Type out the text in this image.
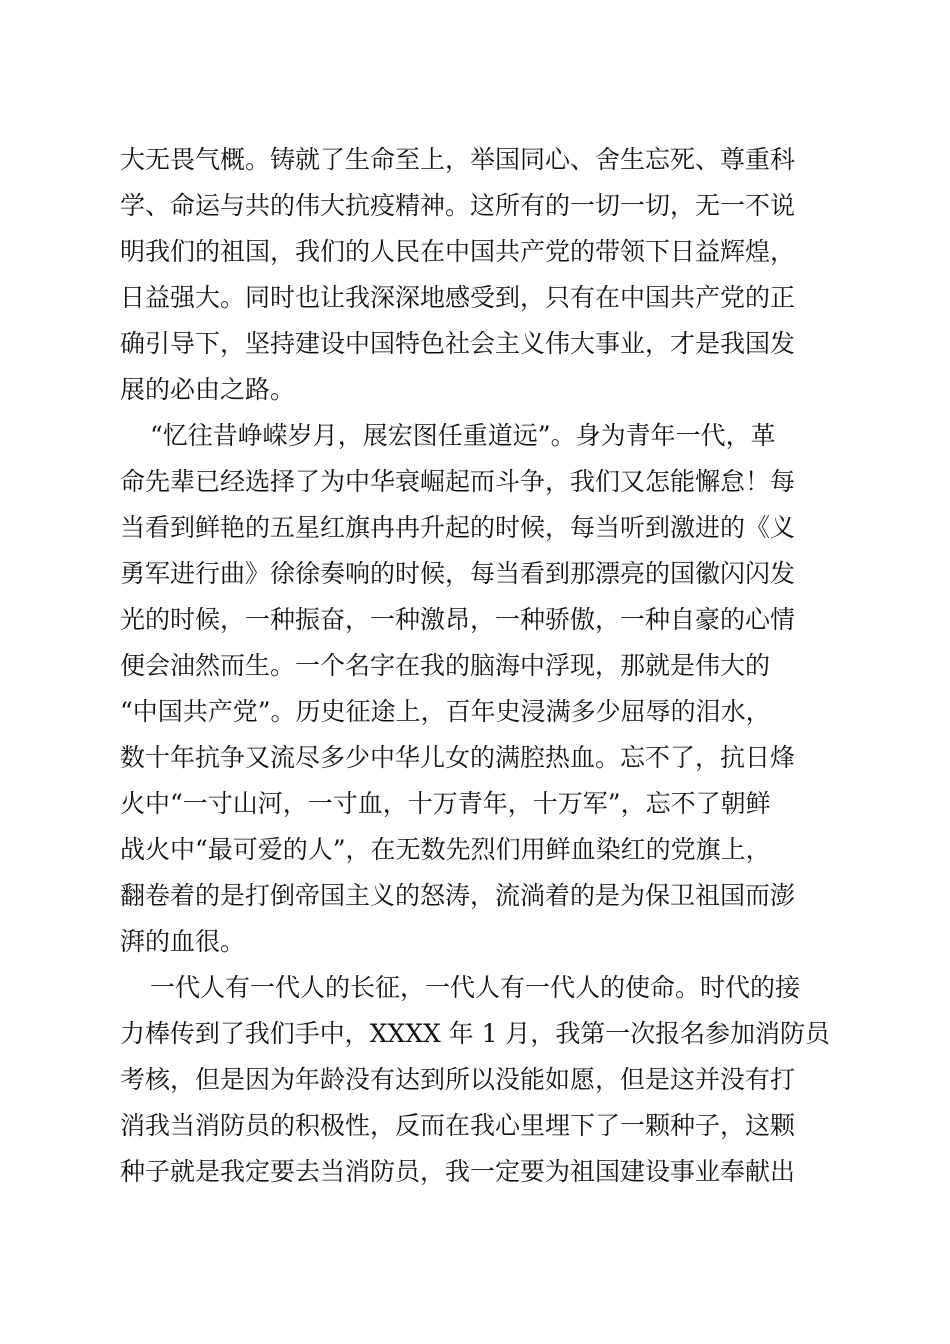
大无畏气概。铸就了生命至上，举国同心、舍生忘死、尊重科

学、命运与共的伟大抗疫精神。这所有的一切一切，无一不说

明我们的祖国，我们的人民在中国共产党的带领下日益辉煌，

日益强大。同时也让我深深地感受到，只有在中国共产党的正

确引导下，坚持建设中国特色社会主义伟大事业，才是我国发

展的必由之路。

“忆往昔峥嵘岁月，展宏图任重道远”。身为青年一代，革

命先辈已经选择了为中华衰崛起而斗争，我们又怎能懈怠！每

当看到鲜艳的五星红旗冉冉升起的时候，每当听到激进的《义

勇军进行曲》徐徐奏响的时候，每当看到那漂亮的国徽闪闪发

光的时候，一种振奋，一种激昂，一种骄傲，一种自豪的心情

便会油然而生。一个名字在我的脑海中浮现，那就是伟大的

“中国共产党”。历史征途上，百年史浸满多少屈辱的泪水，

数十年抗争又流尽多少中华儿女的满腔热血。忘不了，抗日烽

火中“一寸山河，一寸血，十万青年，十万军”，忘不了朝鲜

战火中“最可爱的人”，在无数先烈们用鲜血染红的党旗上，

翻卷着的是打倒帝国主义的怒涛，流淌着的是为保卫祖国而澎

湃的血很。

一代人有一代人的长征，一代人有一代人的使命。时代的接

力棒传到了我们手中，XXXX 年 1 月，我第一次报名参加消防员

考核，但是因为年龄没有达到所以没能如愿，但是这并没有打

消我当消防员的积极性，反而在我心里埋下了一颗种子，这颗

种子就是我定要去当消防员，我一定要为祖国建设事业奉献出
